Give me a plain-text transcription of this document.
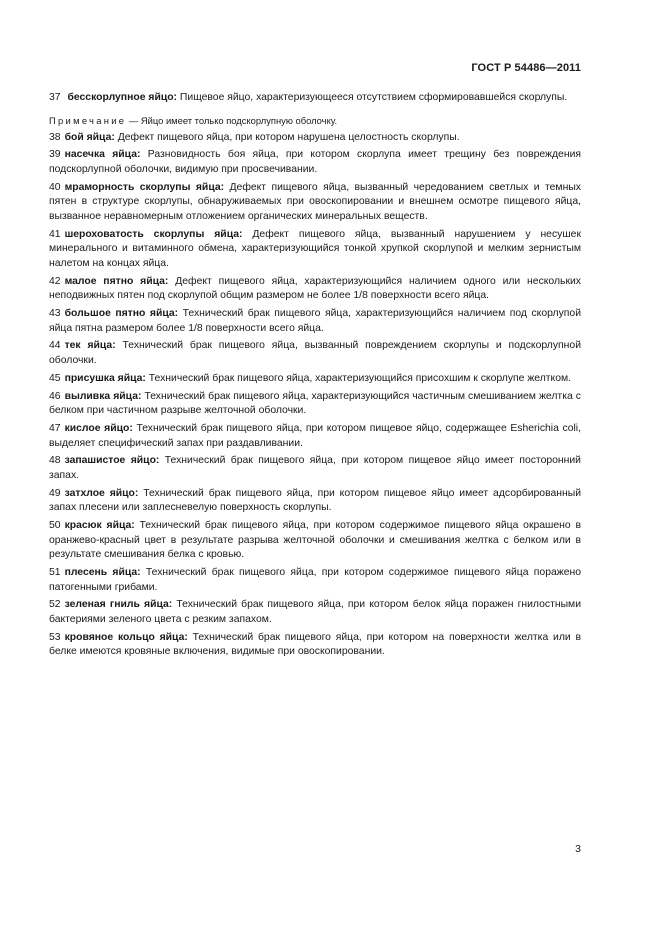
ГОСТ Р 54486—2011

37 бесскорлупное яйцо: Пищевое яйцо, характеризующееся отсутствием сформировавшейся скорлупы.

Примечание — Яйцо имеет только подскорлупную оболочку.

38 бой яйца: Дефект пищевого яйца, при котором нарушена целостность скорлупы.

39 насечка яйца: Разновидность боя яйца, при котором скорлупа имеет трещину без повреждения подскорлупной оболочки, видимую при просвечивании.

40 мраморность скорлупы яйца: Дефект пищевого яйца, вызванный чередованием светлых и темных пятен в структуре скорлупы, обнаруживаемых при овоскопировании и внешнем осмотре пищевого яйца, вызванное неравномерным отложением органических минеральных веществ.

41 шероховатость скорлупы яйца: Дефект пищевого яйца, вызванный нарушением у несушек минерального и витаминного обмена, характеризующийся тонкой хрупкой скорлупой и мелким зернистым налетом на концах яйца.

42 малое пятно яйца: Дефект пищевого яйца, характеризующийся наличием одного или нескольких неподвижных пятен под скорлупой общим размером не более 1/8 поверхности всего яйца.

43 большое пятно яйца: Технический брак пищевого яйца, характеризующийся наличием под скорлупой яйца пятна размером более 1/8 поверхности всего яйца.

44 тек яйца: Технический брак пищевого яйца, вызванный повреждением скорлупы и подскорлупной оболочки.

45 присушка яйца: Технический брак пищевого яйца, характеризующийся присохшим к скорлупе желтком.

46 выливка яйца: Технический брак пищевого яйца, характеризующийся частичным смешиванием желтка с белком при частичном разрыве желточной оболочки.

47 кислое яйцо: Технический брак пищевого яйца, при котором пищевое яйцо, содержащее Esherichia coli, выделяет специфический запах при раздавливании.

48 запашистое яйцо: Технический брак пищевого яйца, при котором пищевое яйцо имеет посторонний запах.

49 затхлое яйцо: Технический брак пищевого яйца, при котором пищевое яйцо имеет адсорбированный запах плесени или заплесневелую поверхность скорлупы.

50 красюк яйца: Технический брак пищевого яйца, при котором содержимое пищевого яйца окрашено в оранжево-красный цвет в результате разрыва желточной оболочки и смешивания желтка с белком или в результате смешивания белка с кровью.

51 плесень яйца: Технический брак пищевого яйца, при котором содержимое пищевого яйца поражено патогенными грибами.

52 зеленая гниль яйца: Технический брак пищевого яйца, при котором белок яйца поражен гнилостными бактериями зеленого цвета с резким запахом.

53 кровяное кольцо яйца: Технический брак пищевого яйца, при котором на поверхности желтка или в белке имеются кровяные включения, видимые при овоскопировании.

3
